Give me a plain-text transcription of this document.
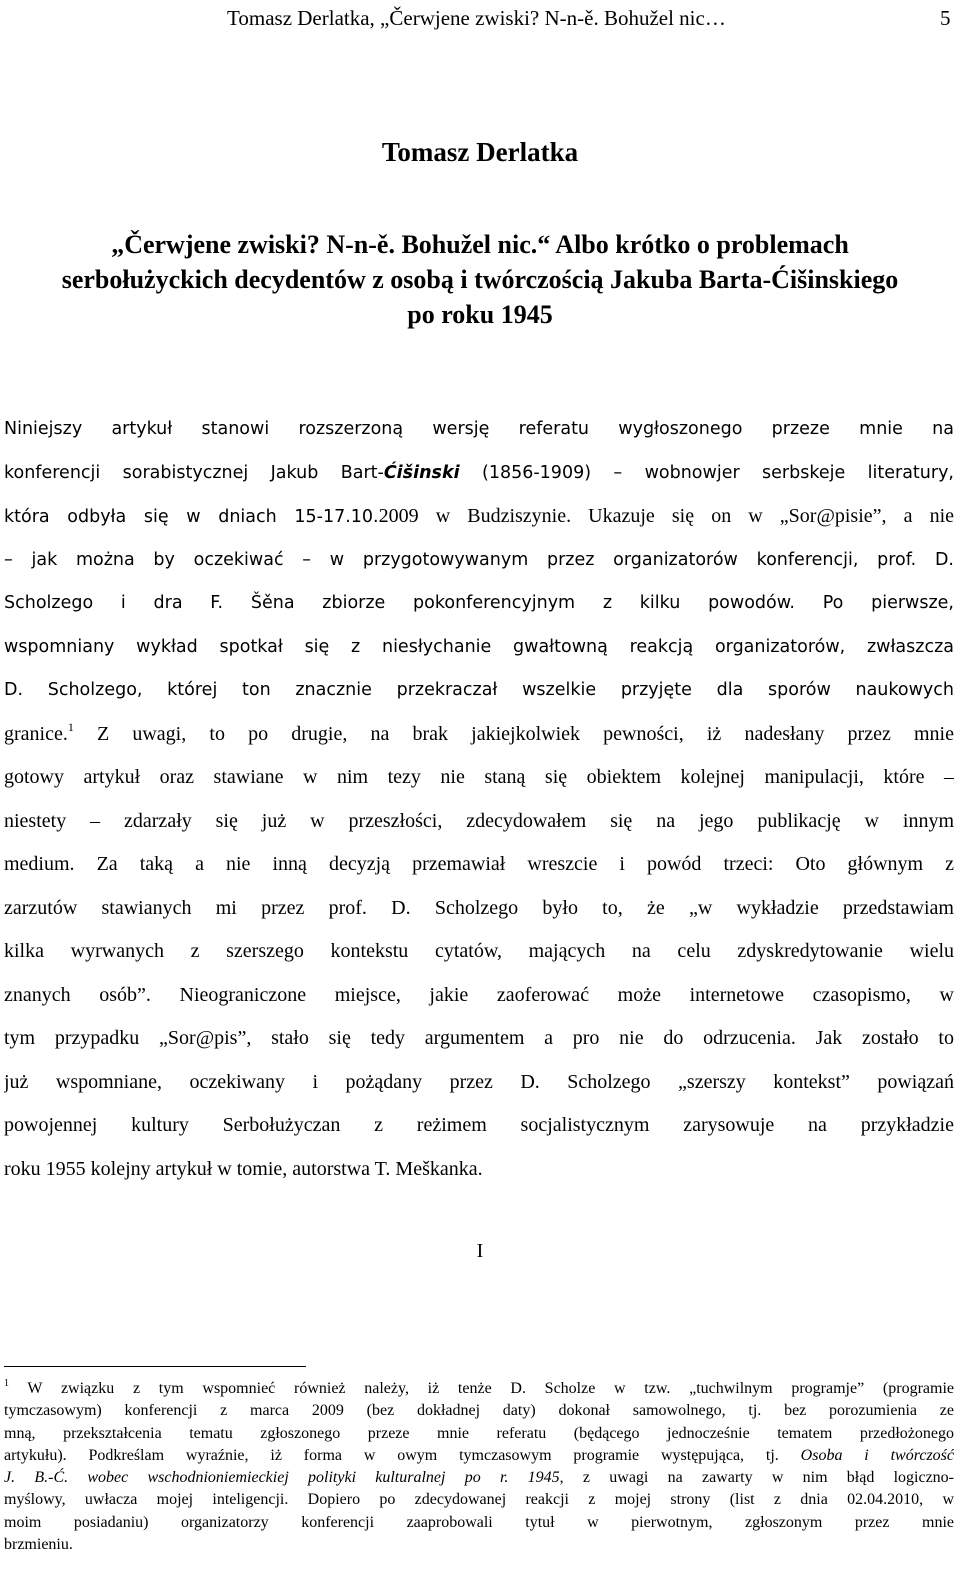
Tomasz Derlatka, „Čerwjene zwiski? N-n-ě. Bohužel nic…	5
Tomasz Derlatka
„Čerwjene zwiski? N-n-ě. Bohužel nic.“ Albo krótko o problemach
serbołużyckich decydentów z osobą i twórczością Jakuba Barta-Ćišinskiego
po roku 1945
Niniejszy artykuł stanowi rozszerzoną wersję referatu wygłoszonego przeze mnie na
konferencji sorabistycznej Jakub Bart-Ćišinski (1856-1909) – wobnowjer serbskeje literatury,
która odbyła się w dniach 15-17.10.2009 w Budziszynie. Ukazuje się on w „Sor@pisie”, a nie
– jak można by oczekiwać – w przygotowywanym przez organizatorów konferencji, prof. D.
Scholzego i dra F. Šěna zbiorze pokonferencyjnym z kilku powodów. Po pierwsze,
wspomniany wykład spotkał się z niesłychanie gwałtowną reakcją organizatorów, zwłaszcza
D. Scholzego, której ton znacznie przekraczał wszelkie przyjęte dla sporów naukowych
granice.$^1$ Z uwagi, to po drugie, na brak jakiejkolwiek pewności, iż nadesłany przez mnie
gotowy artykuł oraz stawiane w nim tezy nie staną się obiektem kolejnej manipulacji, które –
niestety – zdarzały się już w przeszłości, zdecydowałem się na jego publikację w innym
medium. Za taką a nie inną decyzją przemawiał wreszcie i powód trzeci: Oto głównym z
zarzutów stawianych mi przez prof. D. Scholzego było to, że „w wykładzie przedstawiam
kilka wyrwanych z szerszego kontekstu cytatów, mających na celu zdyskredytowanie wielu
znanych osób”. Nieograniczone miejsce, jakie zaoferować może internetowe czasopismo, w
tym przypadku „Sor@pis”, stało się tedy argumentem a pro nie do odrzucenia. Jak zostało to
już wspomniane, oczekiwany i pożądany przez D. Scholzego „szerszy kontekst” powiązań
powojennej kultury Serbołużyczan z reżimem socjalistycznym zarysowuje na przykładzie
roku 1955 kolejny artykuł w tomie, autorstwa T. Meškanka.
I
$^1$ W związku z tym wspomnieć również należy, iż tenże D. Scholze w tzw. „tuchwilnym programje” (programie
tymczasowym) konferencji z marca 2009 (bez dokładnej daty) dokonał samowolnego, tj. bez porozumienia ze
mną, przekształcenia tematu zgłoszonego przeze mnie referatu (będącego jednocześnie tematem przedłożonego
artykułu). Podkreślam wyraźnie, iż forma w owym tymczasowym programie występująca, tj. Osoba i twórczość
J. B.-Ć. wobec wschodnioniemieckiej polityki kulturalnej po r. 1945, z uwagi na zawarty w nim błąd logiczno-
myślowy, uwłacza mojej inteligencji. Dopiero po zdecydowanej reakcji z mojej strony (list z dnia 02.04.2010, w
moim posiadaniu) organizatorzy konferencji zaaprobowali tytuł w pierwotnym, zgłoszonym przez mnie
brzmieniu.
